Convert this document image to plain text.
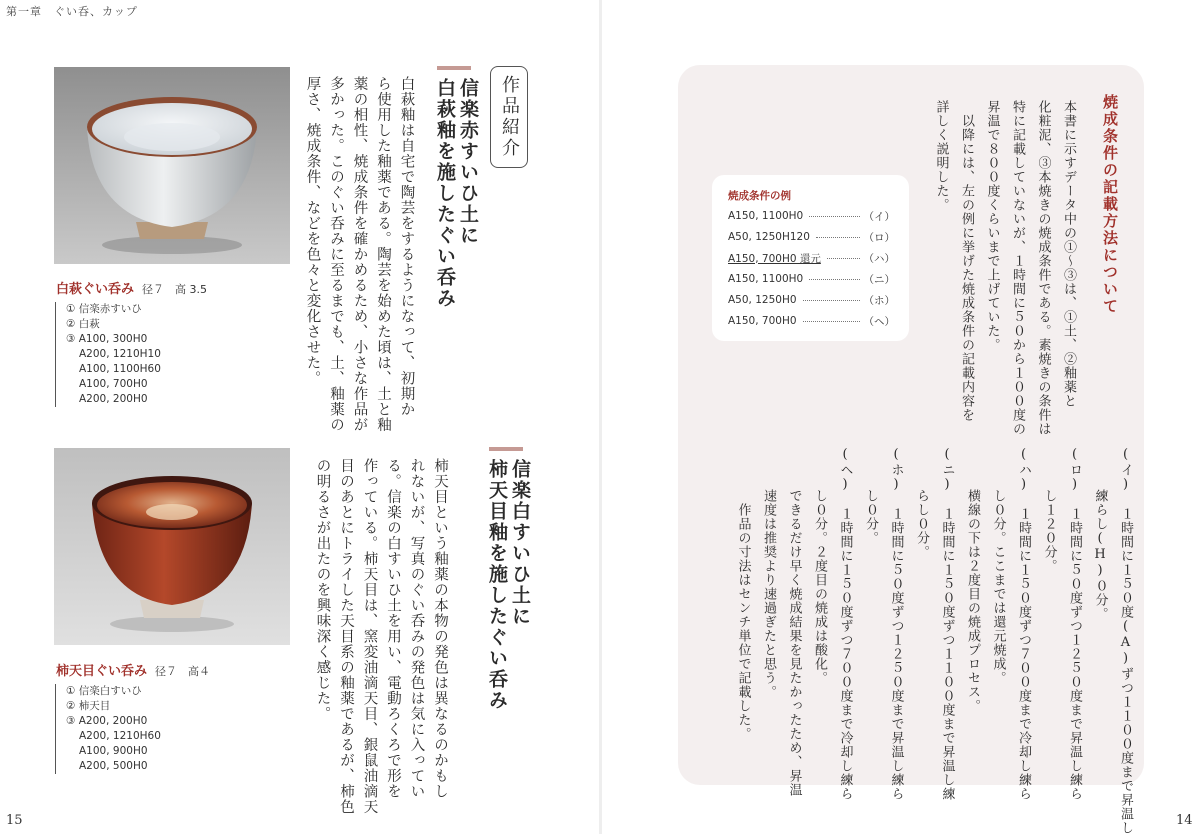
第一章　ぐい呑、カップ
白萩ぐい呑み 径７　高 3.5
① 信楽赤すいひ
② 白萩
③ A100, 300H0
A200, 1210H10
A100, 1100H60
A100, 700H0
A200, 200H0
柿天目ぐい呑み 径７　高４
① 信楽白すいひ
② 柿天目
③ A200, 200H0
A200, 1210H60
A100, 900H0
A200, 500H0
作品紹介
信楽赤すいひ土に
白萩釉を施したぐい呑み
白萩釉は自宅で陶芸をするようになって、初期か
ら使用した釉薬である。陶芸を始めた頃は、土と釉
薬の相性、焼成条件を確かめるため、小さな作品が
多かった。このぐい呑みに至るまでも、土、釉薬の
厚さ、焼成条件、などを色々と変化させた。
信楽白すいひ土に
柿天目釉を施したぐい呑み
柿天目という釉薬の本物の発色は異なるのかもし
れないが、写真のぐい呑みの発色は気に入ってい
る。信楽の白すいひ土を用い、電動ろくろで形を
作っている。柿天目は、窯変油滴天目、銀鼠油滴天
目のあとにトライした天目系の釉薬であるが、柿色
の明るさが出たのを興味深く感じた。
15
焼成条件の記載方法について
本書に示すデータ中の①～③は、①土、②釉薬と
化粧泥、③本焼きの焼成条件である。素焼きの条件は
特に記載していないが、１時間に５０から１００度の
昇温で８００度くらいまで上げていた。
　以降には、左の例に挙げた焼成条件の記載内容を
詳しく説明した。
焼成条件の例
A150, 1100H0	（イ）
A50, 1250H120	（ロ）
A150, 700H0 還元	（ハ）
A150, 1100H0	（ニ）
A50, 1250H0	（ホ）
A150, 700H0	（ヘ）
(イ)　１時間に１５０度(A)ずつ１１００度まで昇温し
　　　練らし(H)０分。
(ロ)　１時間に５０度ずつ１２５０度まで昇温し練ら
　　　し１２０分。
(ハ)　１時間に１５０度ずつ７００度まで冷却し練ら
　　　し０分。ここまでは還元焼成。
　　　横線の下は２度目の焼成プロセス。
(ニ)　１時間に１５０度ずつ１１００度まで昇温し練
　　　らし０分。
(ホ)　１時間に５０度ずつ１２５０度まで昇温し練ら
　　　し０分。
(ヘ)　１時間に１５０度ずつ７００度まで冷却し練ら
　　　し０分。２度目の焼成は酸化。
　　　できるだけ早く焼成結果を見たかったため、昇温
　　　速度は推奨より速過ぎたと思う。
　　　　作品の寸法はセンチ単位で記載した。
14
